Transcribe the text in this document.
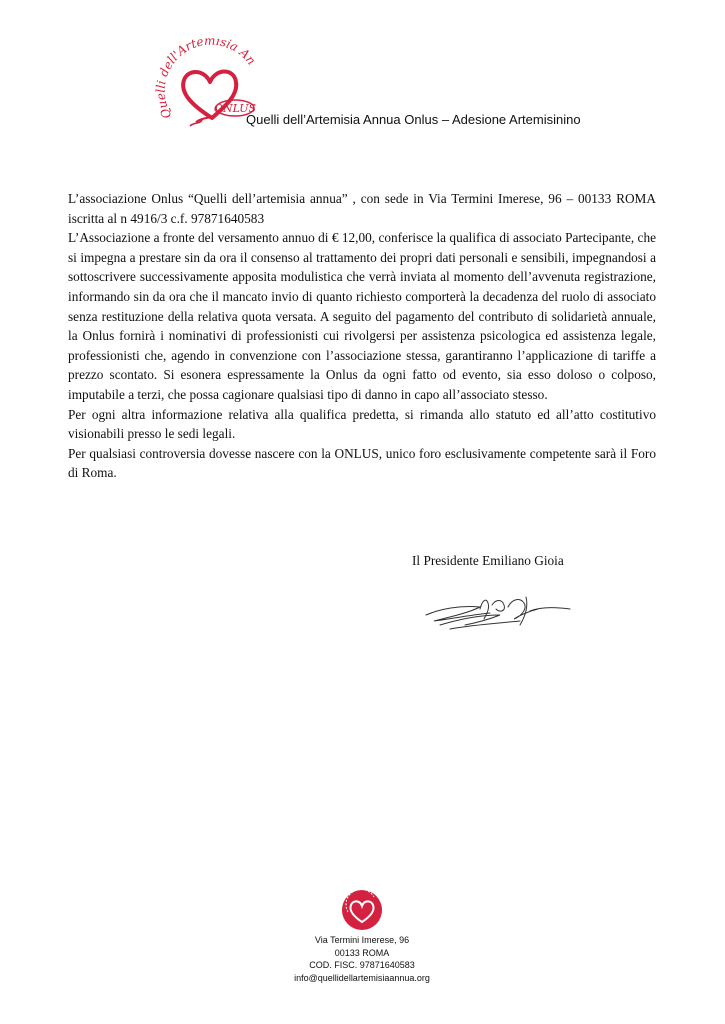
Quelli dell'Artemisia An
ONLUS
Quelli dell’Artemisia Annua Onlus – Adesione Artemisinino

L’associazione Onlus “Quelli dell’artemisia annua” , con sede in Via Termini Imerese, 96 – 00133 ROMA iscritta al n 4916/3 c.f. 97871640583

L’Associazione a fronte del versamento annuo di € 12,00, conferisce la qualifica di associato Partecipante, che si impegna a prestare sin da ora il consenso al trattamento dei propri dati personali e sensibili, impegnandosi a sottoscrivere successivamente apposita modulistica che verrà inviata al momento dell’avvenuta registrazione, informando sin da ora che il mancato invio di quanto richiesto comporterà la decadenza del ruolo di associato senza restituzione della relativa quota versata. A seguito del pagamento del contributo di solidarietà annuale, la Onlus fornirà i nominativi di professionisti cui rivolgersi per assistenza psicologica ed assistenza legale, professionisti che, agendo in convenzione con l’associazione stessa, garantiranno l’applicazione di tariffe a prezzo scontato. Si esonera espressamente la Onlus da ogni fatto od evento, sia esso doloso o colposo, imputabile a terzi, che possa cagionare qualsiasi tipo di danno in capo all’associato stesso.

Per ogni altra informazione relativa alla qualifica predetta, si rimanda allo statuto ed all’atto costitutivo visionabili presso le sedi legali.

Per qualsiasi controversia dovesse nascere con la ONLUS, unico foro esclusivamente competente sarà il Foro di Roma.

Il Presidente Emiliano Gioia
Via Termini Imerese, 96
00133 ROMA
COD. FISC. 97871640583
info@quellidellartemisiaannua.org
